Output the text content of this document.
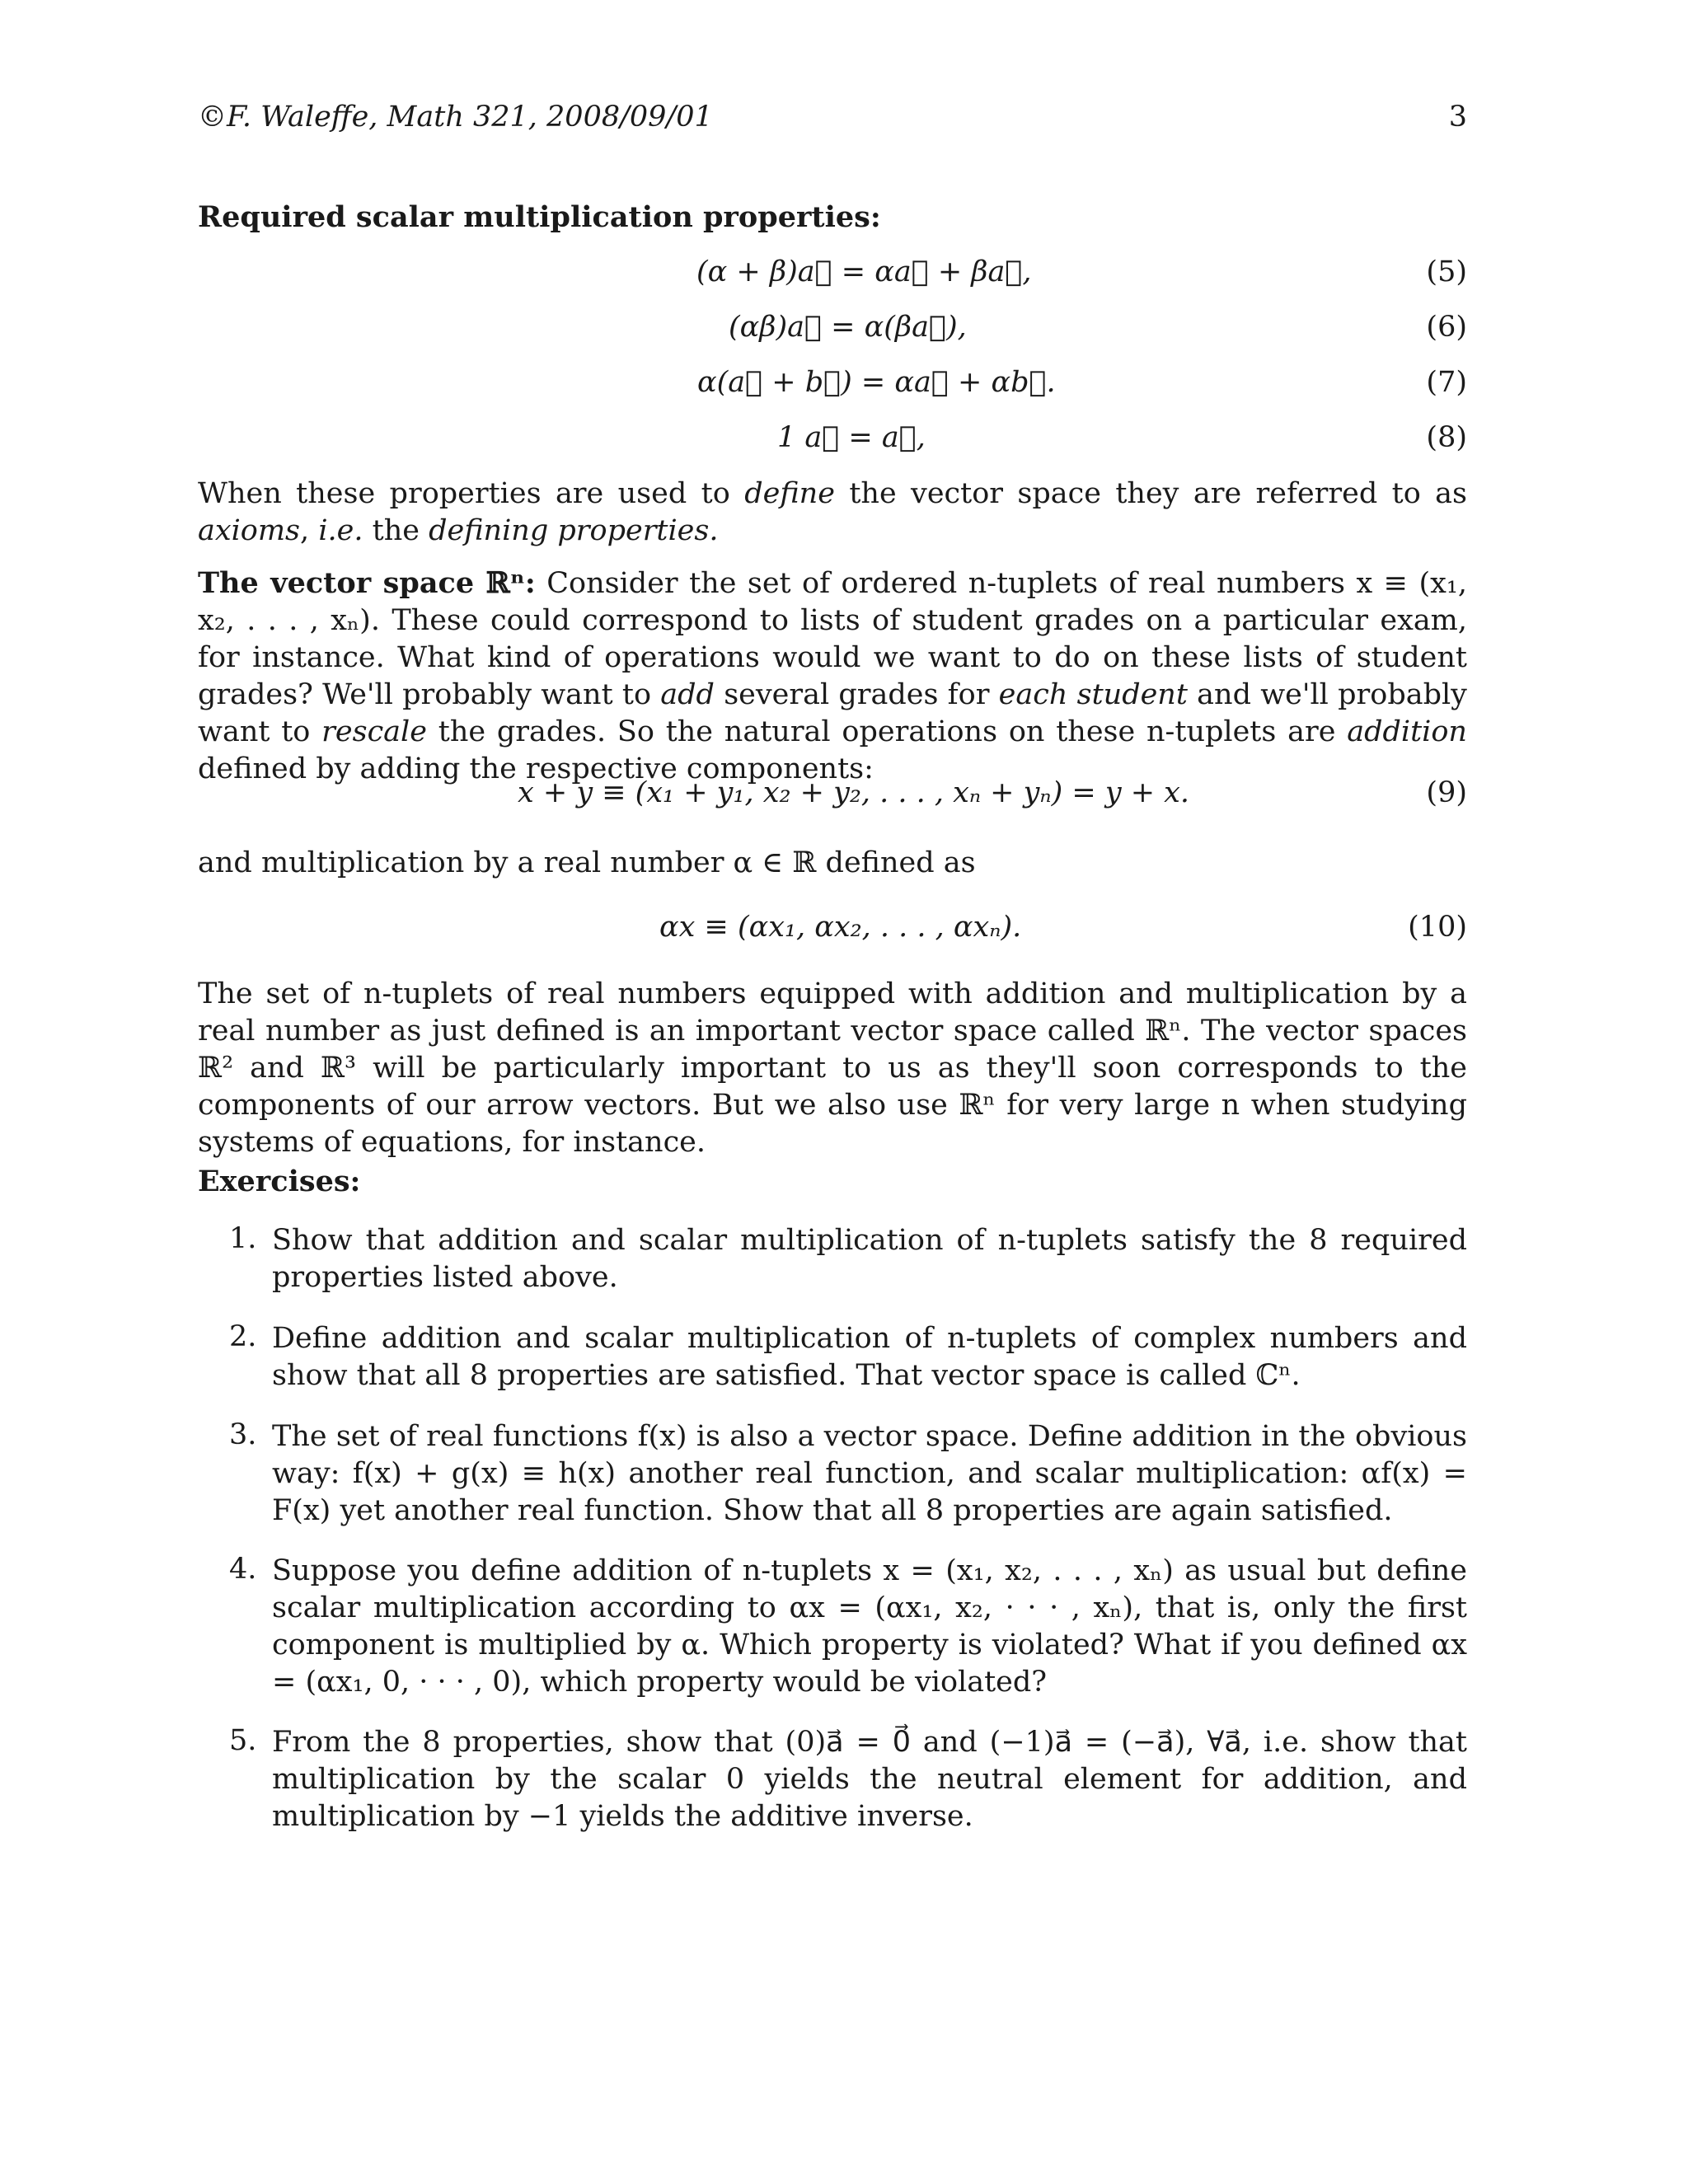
©F. Waleffe, Math 321, 2008/09/01	3
Required scalar multiplication properties:
(α + β)a⃗ = αa⃗ + βa⃗,	(5)
(αβ)a⃗ = α(βa⃗),	(6)
α(a⃗ + b⃗) = αa⃗ + αb⃗.	(7)
1 a⃗ = a⃗,	(8)
When these properties are used to define the vector space they are referred to as axioms, i.e. the defining properties.
The vector space ℝⁿ: Consider the set of ordered n-tuplets of real numbers x ≡ (x₁, x₂, . . . , xₙ). These could correspond to lists of student grades on a particular exam, for instance. What kind of operations would we want to do on these lists of student grades? We'll probably want to add several grades for each student and we'll probably want to rescale the grades. So the natural operations on these n-tuplets are addition defined by adding the respective components:
x + y ≡ (x₁ + y₁, x₂ + y₂, . . . , xₙ + yₙ) = y + x.	(9)
and multiplication by a real number α ∈ ℝ defined as
αx ≡ (αx₁, αx₂, . . . , αxₙ).	(10)
The set of n-tuplets of real numbers equipped with addition and multiplication by a real number as just defined is an important vector space called ℝⁿ. The vector spaces ℝ² and ℝ³ will be particularly important to us as they'll soon corresponds to the components of our arrow vectors. But we also use ℝⁿ for very large n when studying systems of equations, for instance.
Exercises:
1. Show that addition and scalar multiplication of n-tuplets satisfy the 8 required properties listed above.
2. Define addition and scalar multiplication of n-tuplets of complex numbers and show that all 8 properties are satisfied. That vector space is called ℂⁿ.
3. The set of real functions f(x) is also a vector space. Define addition in the obvious way: f(x) + g(x) ≡ h(x) another real function, and scalar multiplication: αf(x) = F(x) yet another real function. Show that all 8 properties are again satisfied.
4. Suppose you define addition of n-tuplets x = (x₁, x₂, . . . , xₙ) as usual but define scalar multiplication according to αx = (αx₁, x₂, · · · , xₙ), that is, only the first component is multiplied by α. Which property is violated? What if you defined αx = (αx₁, 0, · · · , 0), which property would be violated?
5. From the 8 properties, show that (0)a⃗ = 0⃗ and (−1)a⃗ = (−a⃗), ∀a⃗, i.e. show that multiplication by the scalar 0 yields the neutral element for addition, and multiplication by −1 yields the additive inverse.
